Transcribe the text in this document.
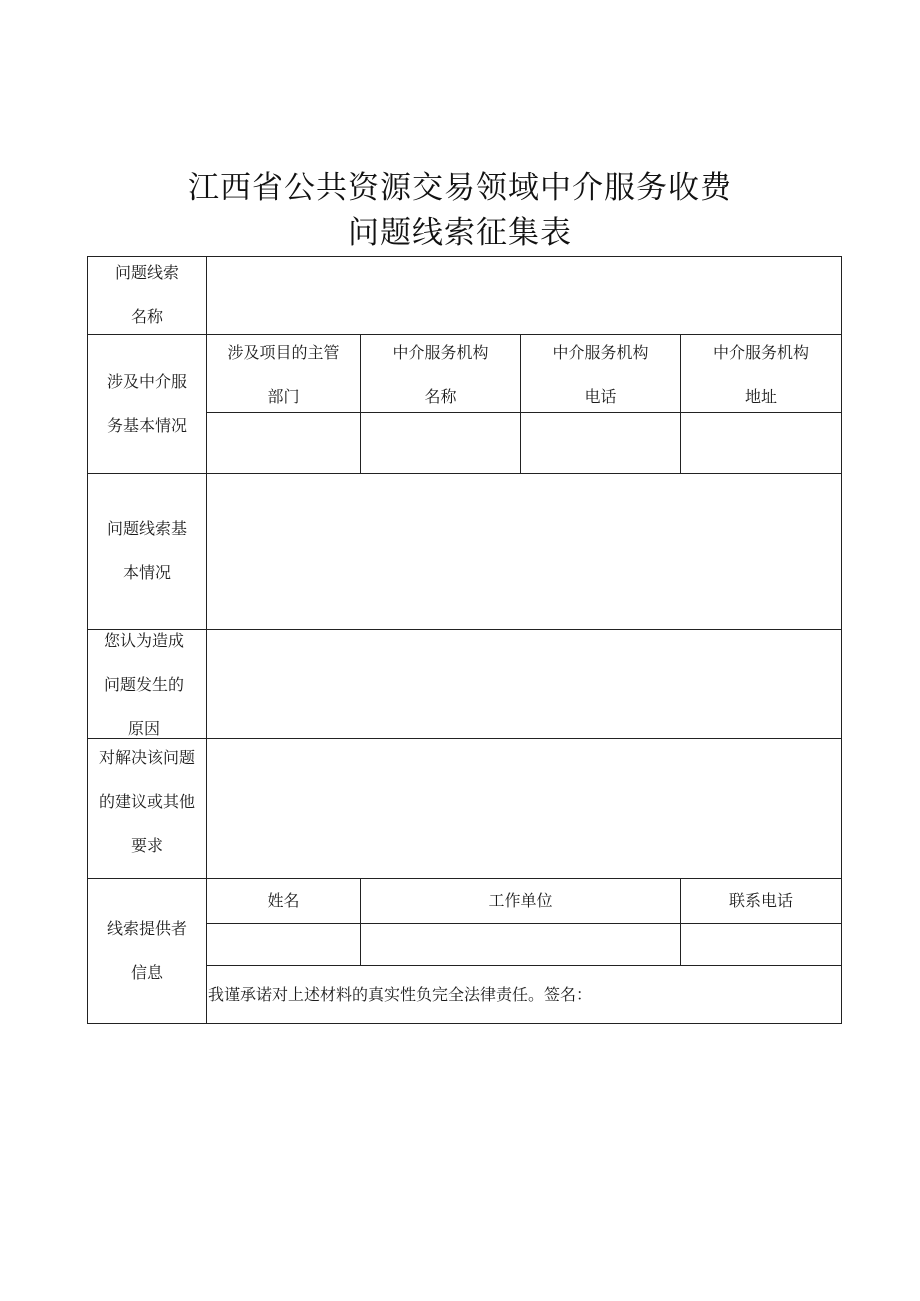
江西省公共资源交易领域中介服务收费
问题线索征集表
问题线索
名称
涉及中介服
务基本情况
涉及项目的主管
部门
中介服务机构
名称
中介服务机构
电话
中介服务机构
地址
问题线索基
本情况
您认为造成
问题发生的
原因
对解决该问题
的建议或其他
要求
线索提供者
信息
姓名	工作单位	联系电话
我谨承诺对上述材料的真实性负完全法律责任。签名：
